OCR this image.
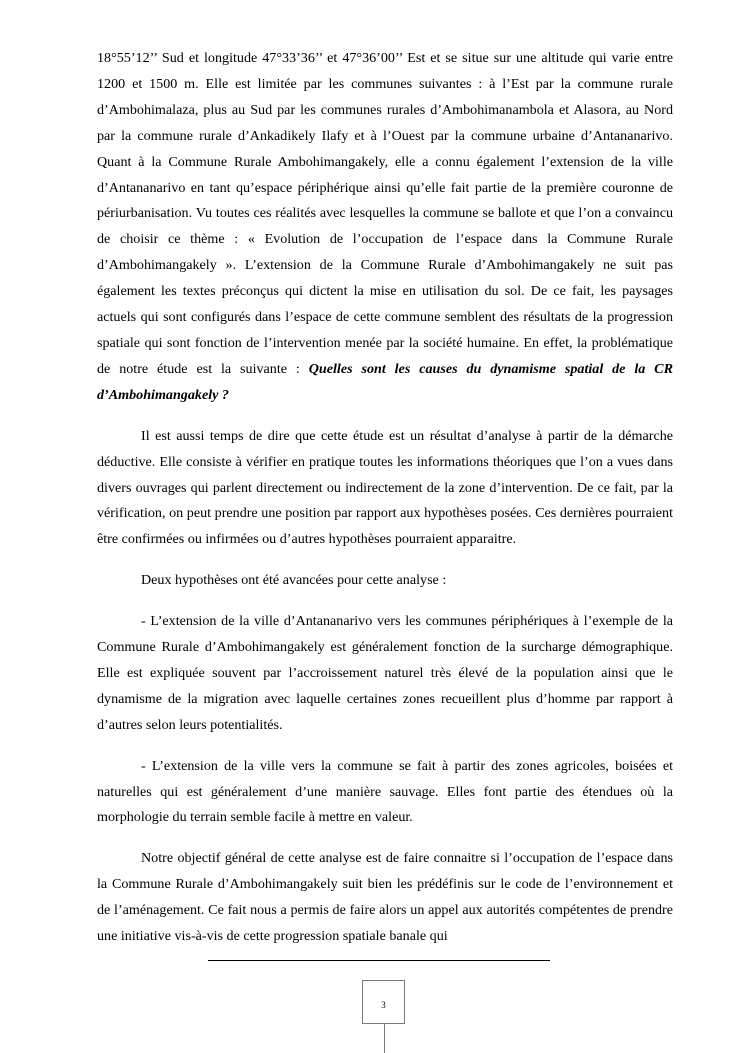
18°55’12’’ Sud et longitude 47°33’36’’ et 47°36’00’’ Est et se situe sur une altitude qui varie entre 1200 et 1500 m. Elle est limitée par les communes suivantes : à l’Est par la commune rurale d’Ambohimalaza, plus au Sud par les communes rurales d’Ambohimanambola et Alasora, au Nord par la commune rurale d’Ankadikely Ilafy et à l’Ouest par la commune urbaine d’Antananarivo. Quant à la Commune Rurale Ambohimangakely, elle a connu également l’extension de la ville d’Antananarivo en tant qu’espace périphérique ainsi qu’elle fait partie de la première couronne de périurbanisation. Vu toutes ces réalités avec lesquelles la commune se ballote et que l’on a convaincu de choisir ce thème : « Evolution de l’occupation de l’espace dans la Commune Rurale d’Ambohimangakely ». L’extension de la Commune Rurale d’Ambohimangakely ne suit pas également les textes préconçus qui dictent la mise en utilisation du sol. De ce fait, les paysages actuels qui sont configurés dans l’espace de cette commune semblent des résultats de la progression spatiale qui sont fonction de l’intervention menée par la société humaine. En effet, la problématique de notre étude est la suivante : Quelles sont les causes du dynamisme spatial de la CR d’Ambohimangakely ?

Il est aussi temps de dire que cette étude est un résultat d’analyse à partir de la démarche déductive. Elle consiste à vérifier en pratique toutes les informations théoriques que l’on a vues dans divers ouvrages qui parlent directement ou indirectement de la zone d’intervention. De ce fait, par la vérification, on peut prendre une position par rapport aux hypothèses posées. Ces dernières pourraient être confirmées ou infirmées ou d’autres hypothèses pourraient apparaitre.

Deux hypothèses ont été avancées pour cette analyse :

- L’extension de la ville d’Antananarivo vers les communes périphériques à l’exemple de la Commune Rurale d’Ambohimangakely est généralement fonction de la surcharge démographique. Elle est expliquée souvent par l’accroissement naturel très élevé de la population ainsi que le dynamisme de la migration avec laquelle certaines zones recueillent plus d’homme par rapport à d’autres selon leurs potentialités.

- L’extension de la ville vers la commune se fait à partir des zones agricoles, boisées et naturelles qui est généralement d’une manière sauvage. Elles font partie des étendues où la morphologie du terrain semble facile à mettre en valeur.

Notre objectif général de cette analyse est de faire connaitre si l’occupation de l’espace dans la Commune Rurale d’Ambohimangakely suit bien les prédéfinis sur le code de l’environnement et de l’aménagement. Ce fait nous a permis de faire alors un appel aux autorités compétentes de prendre une initiative vis-à-vis de cette progression spatiale banale qui

3
